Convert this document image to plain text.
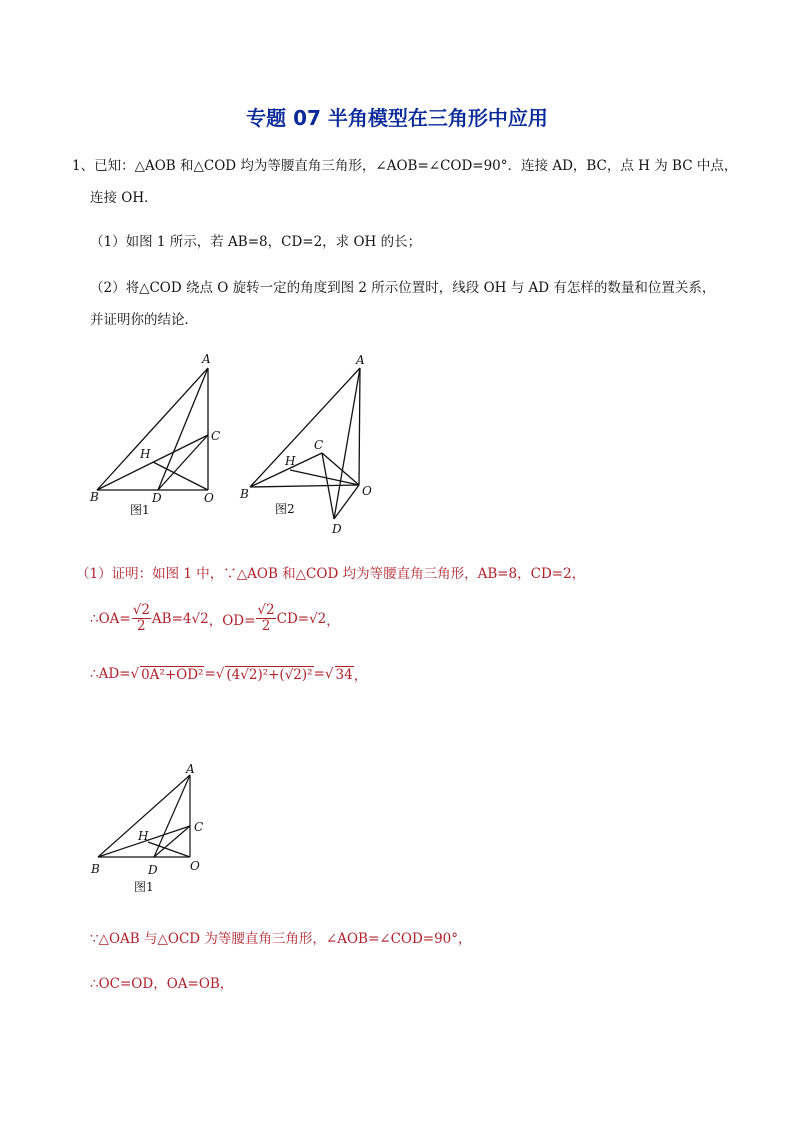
专题 07 半角模型在三角形中应用
1、已知：△AOB 和△COD 均为等腰直角三角形，∠AOB=∠COD=90°．连接 AD，BC，点 H 为 BC 中点，
连接 OH．
（1）如图 1 所示，若 AB=8，CD=2，求 OH 的长；
（2）将△COD 绕点 O 旋转一定的角度到图 2 所示位置时，线段 OH 与 AD 有怎样的数量和位置关系，
并证明你的结论．
A
C
H
B	D	O
图1
A
C
H
B	O
D
图2
（1）证明：如图 1 中，∵△AOB 和△COD 均为等腰直角三角形，AB=8，CD=2，
∴OA= $\frac{√2}{2} AB=4$ √2 ，$OD= \frac{√2}{2} CD= √2$ ，
∴AD= √ 0A²+OD² = √ (4√2)²+(√2)² = √ 34 ，
A
C
H
B	D	O
图1
∵△OAB 与△OCD 为等腰直角三角形，∠AOB=∠COD=90°，
∴OC=OD，OA=OB，
